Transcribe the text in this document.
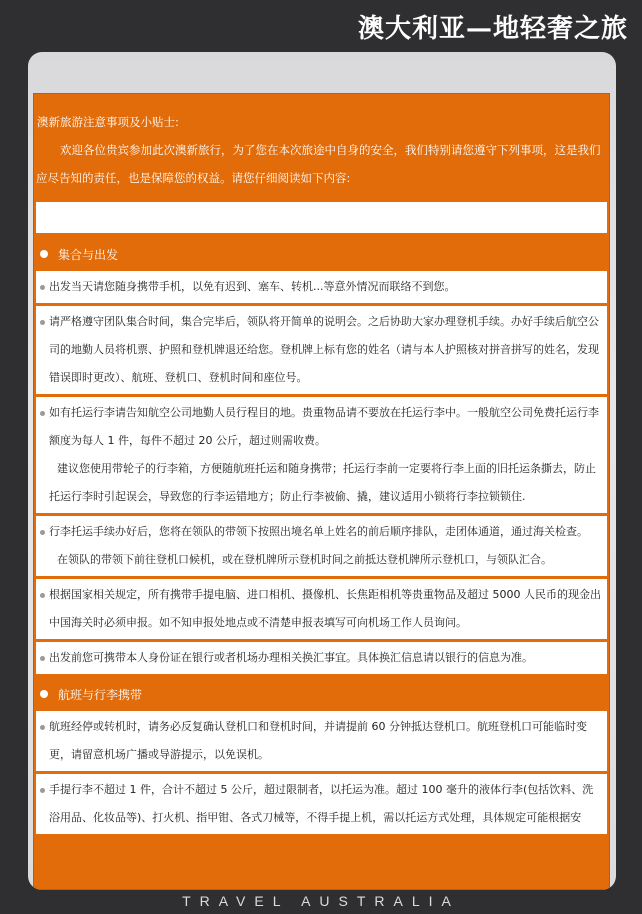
澳大利亚—地轻奢之旅
澳新旅游注意事项及小贴士:

欢迎各位贵宾参加此次澳新旅行，为了您在本次旅途中自身的安全，我们特别请您遵守下列事项，这是我们应尽告知的责任，也是保障您的权益。请您仔细阅读如下内容:

集合与出发

出发当天请您随身携带手机，以免有迟到、塞车、转机...等意外情况而联络不到您。

请严格遵守团队集合时间，集合完毕后，领队将开简单的说明会。之后协助大家办理登机手续。办好手续后航空公司的地勤人员将机票、护照和登机牌退还给您。登机牌上标有您的姓名（请与本人护照核对拼音拼写的姓名，发现错误即时更改）、航班、登机口、登机时间和座位号。

如有托运行李请告知航空公司地勤人员行程目的地。贵重物品请不要放在托运行李中。一般航空公司免费托运行李额度为每人 1 件，每件不超过 20 公斤，超过则需收费。

建议您使用带轮子的行李箱，方便随航班托运和随身携带；托运行李前一定要将行李上面的旧托运条撕去，防止托运行李时引起误会，导致您的行李运错地方；防止行李被偷、撬，建议适用小锁将行李拉锁锁住.

行李托运手续办好后，您将在领队的带领下按照出境名单上姓名的前后顺序排队，走团体通道，通过海关检查。

在领队的带领下前往登机口候机，或在登机牌所示登机时间之前抵达登机牌所示登机口，与领队汇合。

根据国家相关规定，所有携带手提电脑、进口相机、摄像机、长焦距相机等贵重物品及超过 5000 人民币的现金出中国海关时必须申报。如不知申报处地点或不清楚申报表填写可向机场工作人员询问。

出发前您可携带本人身份证在银行或者机场办理相关换汇事宜。具体换汇信息请以银行的信息为准。

航班与行李携带

航班经停或转机时，请务必反复确认登机口和登机时间，并请提前 60 分钟抵达登机口。航班登机口可能临时变更，请留意机场广播或导游提示，以免误机。

手提行李不超过 1 件，合计不超过 5 公斤，超过限制者，以托运为准。超过 100 毫升的液体行李(包括饮料、洗浴用品、化妆品等)、打火机、指甲钳、各式刀械等，不得手提上机，需以托运方式处理，具体规定可能根据安

TRAVEL AUSTRALIA
